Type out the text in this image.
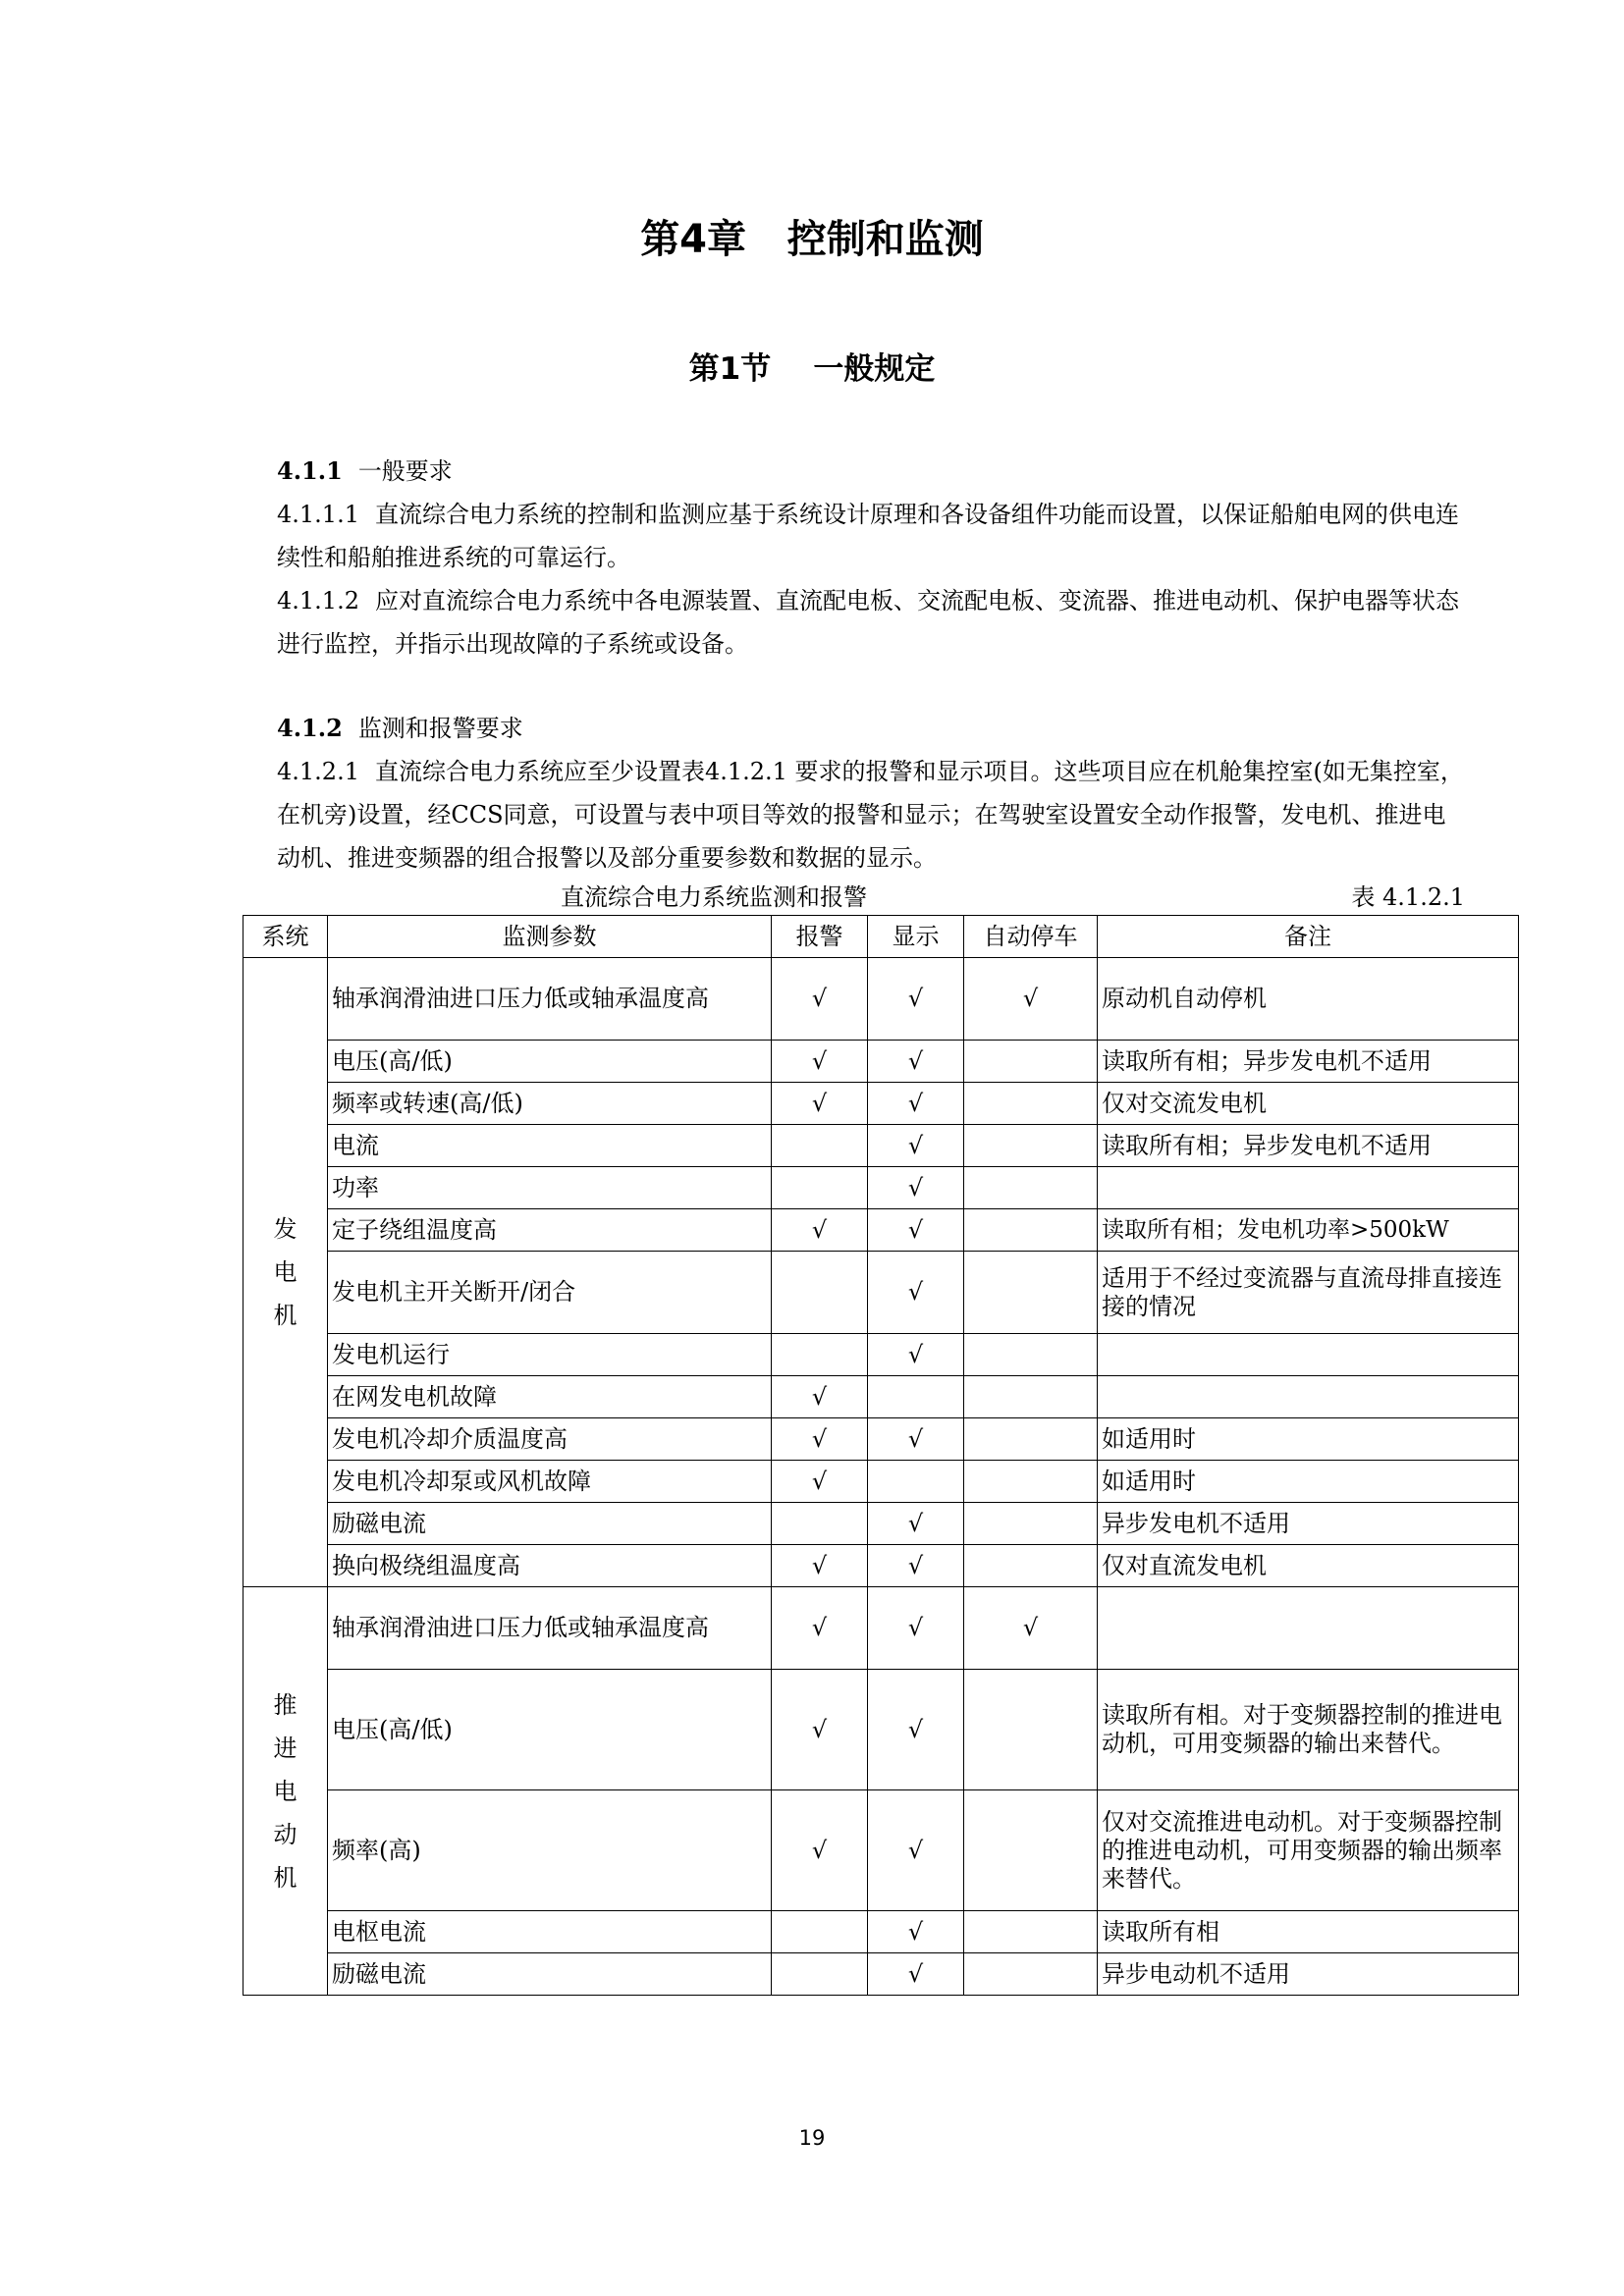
第4章   控制和监测
第1节    一般规定
4.1.1 一般要求
4.1.1.1 直流综合电力系统的控制和监测应基于系统设计原理和各设备组件功能而设置，以保证船舶电网的供电连续性和船舶推进系统的可靠运行。
4.1.1.2 应对直流综合电力系统中各电源装置、直流配电板、交流配电板、变流器、推进电动机、保护电器等状态进行监控，并指示出现故障的子系统或设备。
4.1.2 监测和报警要求
4.1.2.1 直流综合电力系统应至少设置表4.1.2.1 要求的报警和显示项目。这些项目应在机舱集控室(如无集控室，在机旁)设置，经CCS同意，可设置与表中项目等效的报警和显示；在驾驶室设置安全动作报警，发电机、推进电动机、推进变频器的组合报警以及部分重要参数和数据的显示。
直流综合电力系统监测和报警	表 4.1.2.1
系统	监测参数	报警	显示	自动停车	备注
发电机	轴承润滑油进口压力低或轴承温度高	√	√	√	原动机自动停机
	电压(高/低)	√	√		读取所有相；异步发电机不适用
	频率或转速(高/低)	√	√		仅对交流发电机
	电流		√		读取所有相；异步发电机不适用
	功率		√		
	定子绕组温度高	√	√		读取所有相；发电机功率>500kW
	发电机主开关断开/闭合		√		适用于不经过变流器与直流母排直接连接的情况
	发电机运行		√		
	在网发电机故障	√			
	发电机冷却介质温度高	√	√		如适用时
	发电机冷却泵或风机故障	√			如适用时
	励磁电流		√		异步发电机不适用
	换向极绕组温度高	√	√		仅对直流发电机
推进电动机	轴承润滑油进口压力低或轴承温度高	√	√	√	
	电压(高/低)	√	√		读取所有相。对于变频器控制的推进电动机，可用变频器的输出来替代。
	频率(高)	√	√		仅对交流推进电动机。对于变频器控制的推进电动机，可用变频器的输出频率来替代。
	电枢电流		√		读取所有相
	励磁电流		√		异步电动机不适用
19
